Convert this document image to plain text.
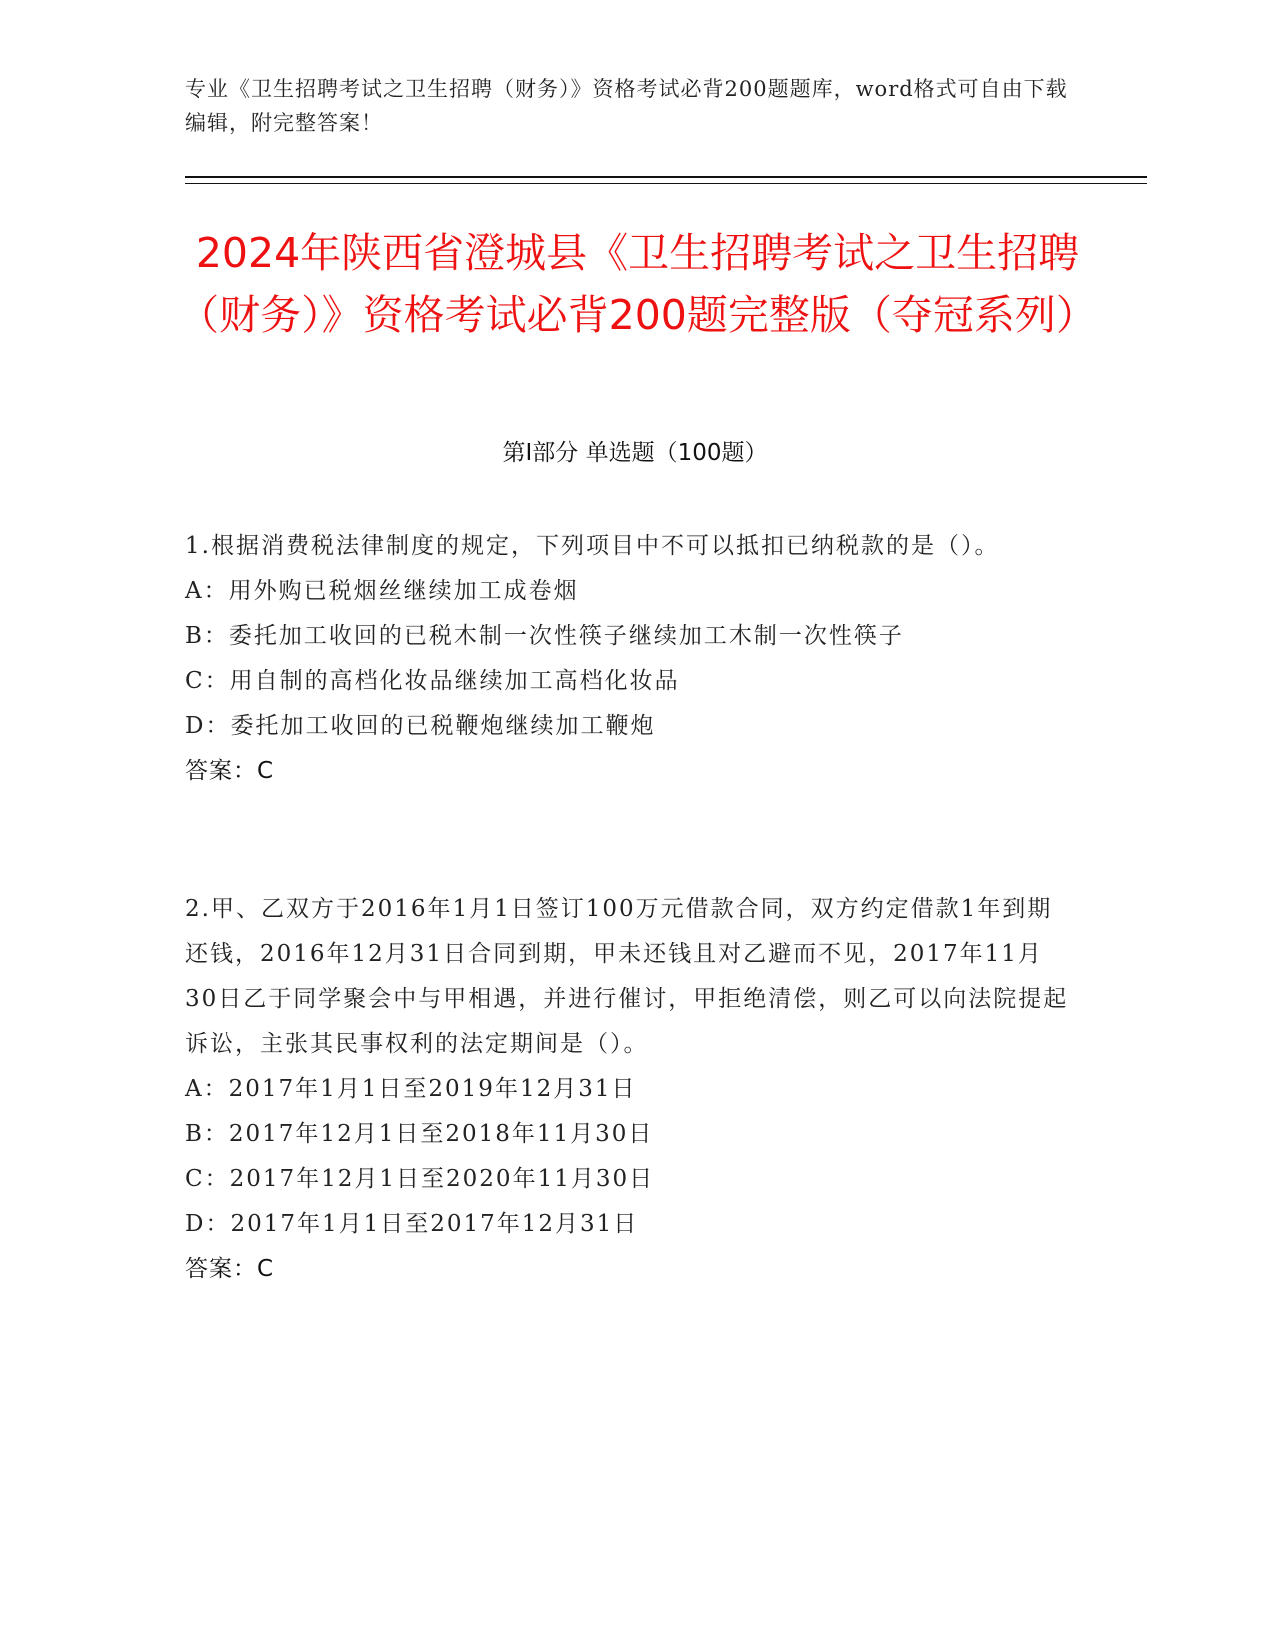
专业《卫生招聘考试之卫生招聘（财务）》资格考试必背200题题库，word格式可自由下载编辑，附完整答案！
2024年陕西省澄城县《卫生招聘考试之卫生招聘（财务）》资格考试必背200题完整版（夺冠系列）
第Ⅰ部分 单选题（100题）

1.根据消费税法律制度的规定，下列项目中不可以抵扣已纳税款的是（）。

A：用外购已税烟丝继续加工成卷烟

B：委托加工收回的已税木制一次性筷子继续加工木制一次性筷子

C：用自制的高档化妆品继续加工高档化妆品

D：委托加工收回的已税鞭炮继续加工鞭炮

答案：C

2.甲、乙双方于2016年1月1日签订100万元借款合同，双方约定借款1年到期还钱，2016年12月31日合同到期，甲未还钱且对乙避而不见，2017年11月30日乙于同学聚会中与甲相遇，并进行催讨，甲拒绝清偿，则乙可以向法院提起诉讼，主张其民事权利的法定期间是（）。

A：2017年1月1日至2019年12月31日

B：2017年12月1日至2018年11月30日

C：2017年12月1日至2020年11月30日

D：2017年1月1日至2017年12月31日

答案：C
